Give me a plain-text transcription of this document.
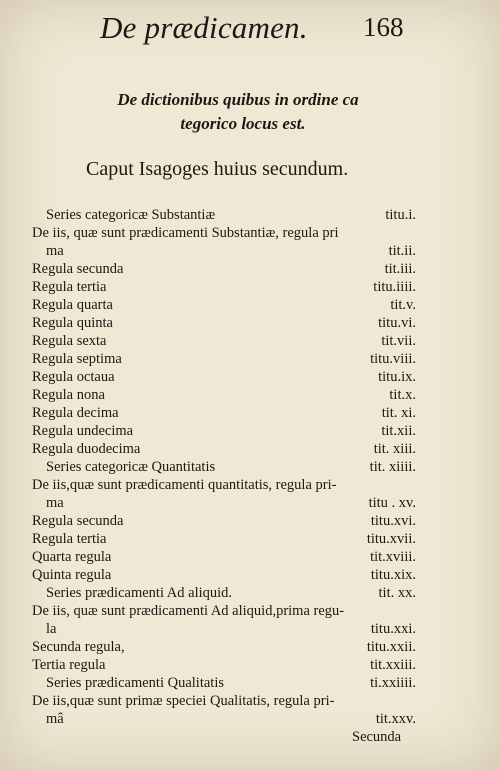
De prædicamen. 168
De dictionibus quibus in ordine ca
tegorico locus est.
Caput Isagoges huius secundum.
Series categoricæ Substantiæ	titu.i.
De iis, quæ sunt prædicamenti Substantiæ, regula pri
ma	tit.ii.
Regula secunda	tit.iii.
Regula tertia	titu.iiii.
Regula quarta	tit.v.
Regula quinta	titu.vi.
Regula sexta	tit.vii.
Regula septima	titu.viii.
Regula octaua	titu.ix.
Regula nona	tit.x.
Regula decima	tit. xi.
Regula undecima	tit.xii.
Regula duodecima	tit. xiii.
Series categoricæ Quantitatis	tit. xiiii.
De iis,quæ sunt prædicamenti quantitatis, regula pri-
ma	titu . xv.
Regula secunda	titu.xvi.
Regula tertia	titu.xvii.
Quarta regula	tit.xviii.
Quinta regula	titu.xix.
Series prædicamenti Ad aliquid.	tit. xx.
De iis, quæ sunt prædicamenti Ad aliquid,prima regu-
la	titu.xxi.
Secunda regula,	titu.xxii.
Tertia regula	tit.xxiii.
Series prædicamenti Qualitatis	ti.xxiiii.
De iis,quæ sunt primæ speciei Qualitatis, regula pri-
mâ	tit.xxv.
Secunda
